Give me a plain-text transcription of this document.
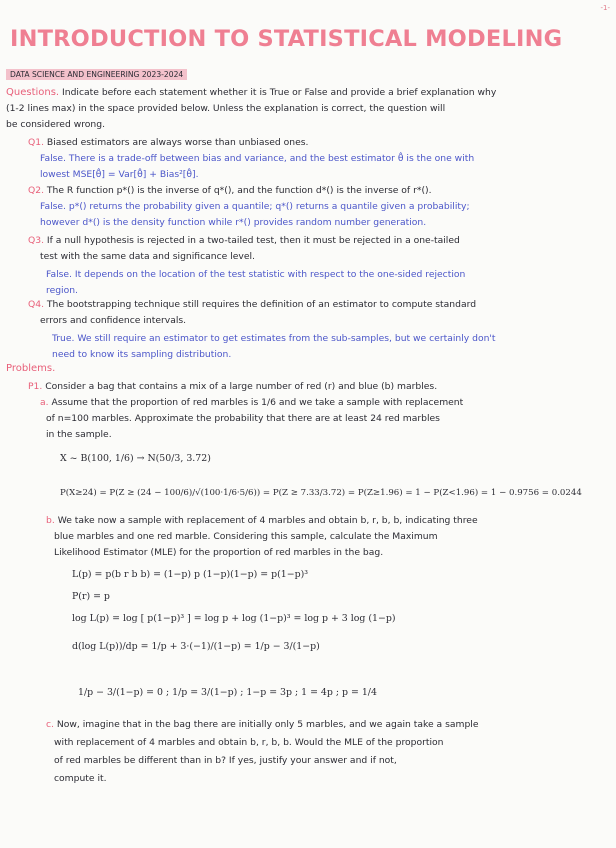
-1-
INTRODUCTION TO STATISTICAL MODELING
DATA SCIENCE AND ENGINEERING 2023-2024
Questions. Indicate before each statement whether it is True or False and provide a brief explanation why
(1-2 lines max) in the space provided below. Unless the explanation is correct, the question will
be considered wrong.
Q1. Biased estimators are always worse than unbiased ones.
False. There is a trade-off between bias and variance, and the best estimator θ̂ is the one with
lowest MSE[θ̂] = Var[θ̂] + Bias²[θ̂].
Q2. The R function p*() is the inverse of q*(), and the function d*() is the inverse of r*().
False. p*() returns the probability given a quantile; q*() returns a quantile given a probability;
however d*() is the density function while r*() provides random number generation.
Q3. If a null hypothesis is rejected in a two-tailed test, then it must be rejected in a one-tailed
test with the same data and significance level.
False. It depends on the location of the test statistic with respect to the one-sided rejection
region.
Q4. The bootstrapping technique still requires the definition of an estimator to compute standard
errors and confidence intervals.
True. We still require an estimator to get estimates from the sub-samples, but we certainly don't
need to know its sampling distribution.
Problems.
P1. Consider a bag that contains a mix of a large number of red (r) and blue (b) marbles.
a. Assume that the proportion of red marbles is 1/6 and we take a sample with replacement
of n=100 marbles. Approximate the probability that there are at least 24 red marbles
in the sample.
X ~ B(100, 1/6) → N(50/3, 3.72)
P(X≥24) = P(Z ≥ (24 − 100/6)/√(100·1/6·5/6)) = P(Z ≥ 7.33/3.72) = P(Z≥1.96) = 1 − P(Z<1.96) = 1 − 0.9756 = 0.0244
b. We take now a sample with replacement of 4 marbles and obtain b, r, b, b, indicating three
blue marbles and one red marble. Considering this sample, calculate the Maximum
Likelihood Estimator (MLE) for the proportion of red marbles in the bag.
L(p) = p(b r b b) = (1−p) p (1−p)(1−p) = p(1−p)³
P(r) = p
log L(p) = log [ p(1−p)³ ] = log p + log (1−p)³ = log p + 3 log (1−p)
d(log L(p))/dp = 1/p + 3·(−1)/(1−p) = 1/p − 3/(1−p)
1/p − 3/(1−p) = 0 ; 1/p = 3/(1−p) ; 1−p = 3p ; 1 = 4p ; p = 1/4
c. Now, imagine that in the bag there are initially only 5 marbles, and we again take a sample
with replacement of 4 marbles and obtain b, r, b, b. Would the MLE of the proportion
of red marbles be different than in b? If yes, justify your answer and if not,
compute it.
